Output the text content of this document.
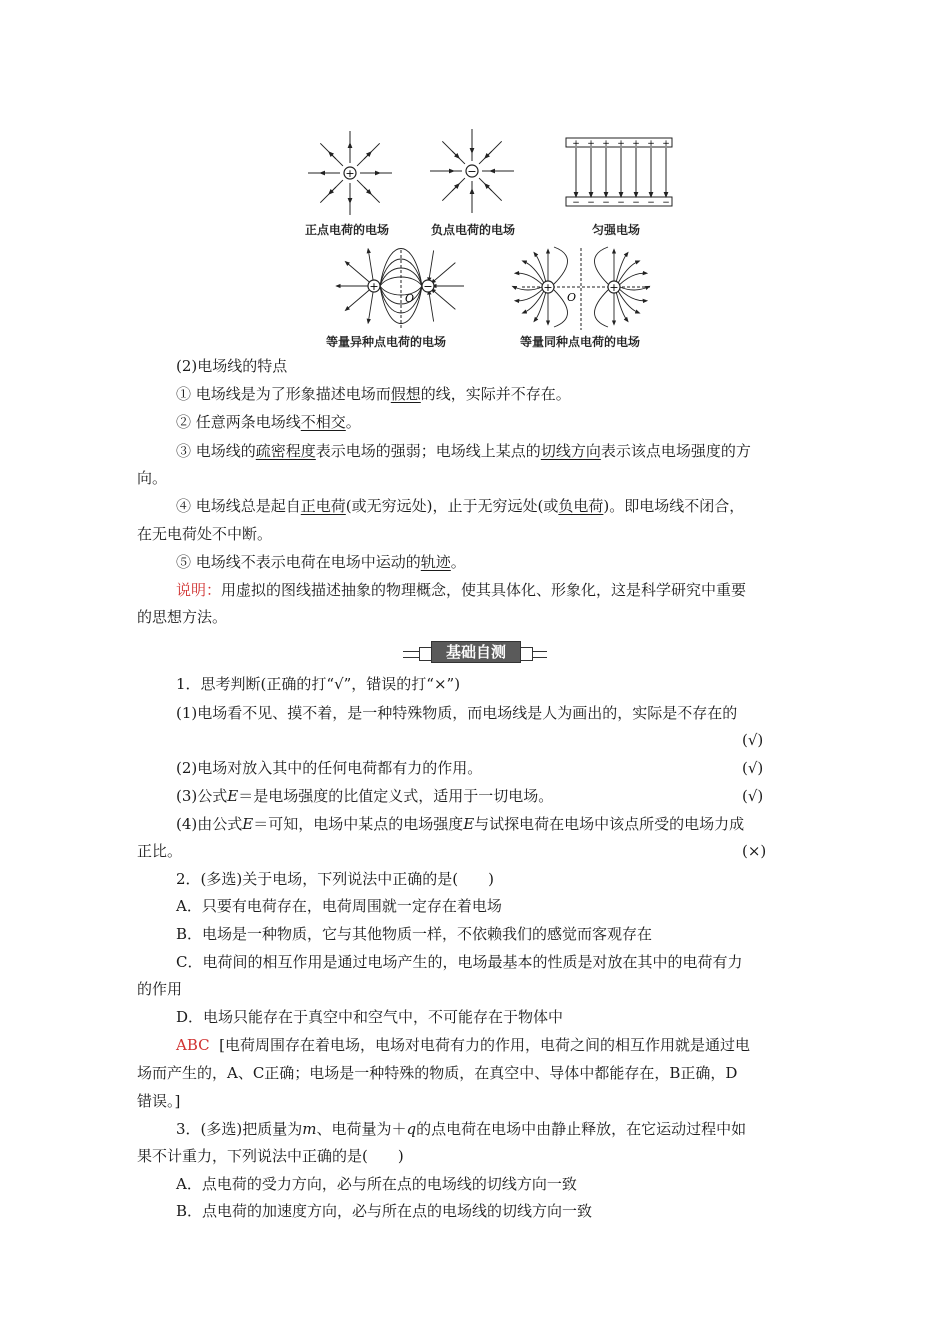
+	−
+
−
+
−
+
−
+
−
+
−
+
−
+
−
+	−
O
+	+
O
正点电荷的电场	负点电荷的电场	匀强电场
等量异种点电荷的电场	等量同种点电荷的电场
(2)电场线的特点
① 电场线是为了形象描述电场而假想的线，实际并不存在。
② 任意两条电场线不相交。
③ 电场线的疏密程度表示电场的强弱；电场线上某点的切线方向表示该点电场强度的方
向。
④ 电场线总是起自正电荷(或无穷远处)，止于无穷远处(或负电荷)。即电场线不闭合，
在无电荷处不中断。
⑤ 电场线不表示电荷在电场中运动的轨迹。
说明：用虚拟的图线描述抽象的物理概念，使其具体化、形象化，这是科学研究中重要
的思想方法。
基础自测
1．思考判断(正确的打“√”，错误的打“×”)
(1)电场看不见、摸不着，是一种特殊物质，而电场线是人为画出的，实际是不存在的
(√)
(2)电场对放入其中的任何电荷都有力的作用。	(√)
(3)公式E＝是电场强度的比值定义式，适用于一切电场。	(√)
(4)由公式E＝可知，电场中某点的电场强度E与试探电荷在电场中该点所受的电场力成
正比。	(×)
2．(多选)关于电场，下列说法中正确的是(　　)
A．只要有电荷存在，电荷周围就一定存在着电场
B．电场是一种物质，它与其他物质一样，不依赖我们的感觉而客观存在
C．电荷间的相互作用是通过电场产生的，电场最基本的性质是对放在其中的电荷有力
的作用
D．电场只能存在于真空中和空气中，不可能存在于物体中
ABC [电荷周围存在着电场，电场对电荷有力的作用，电荷之间的相互作用就是通过电
场而产生的，A、C正确；电场是一种特殊的物质，在真空中、导体中都能存在，B正确，D
错误。]
3．(多选)把质量为m、电荷量为＋q的点电荷在电场中由静止释放，在它运动过程中如
果不计重力，下列说法中正确的是(　　)
A．点电荷的受力方向，必与所在点的电场线的切线方向一致
B．点电荷的加速度方向，必与所在点的电场线的切线方向一致
